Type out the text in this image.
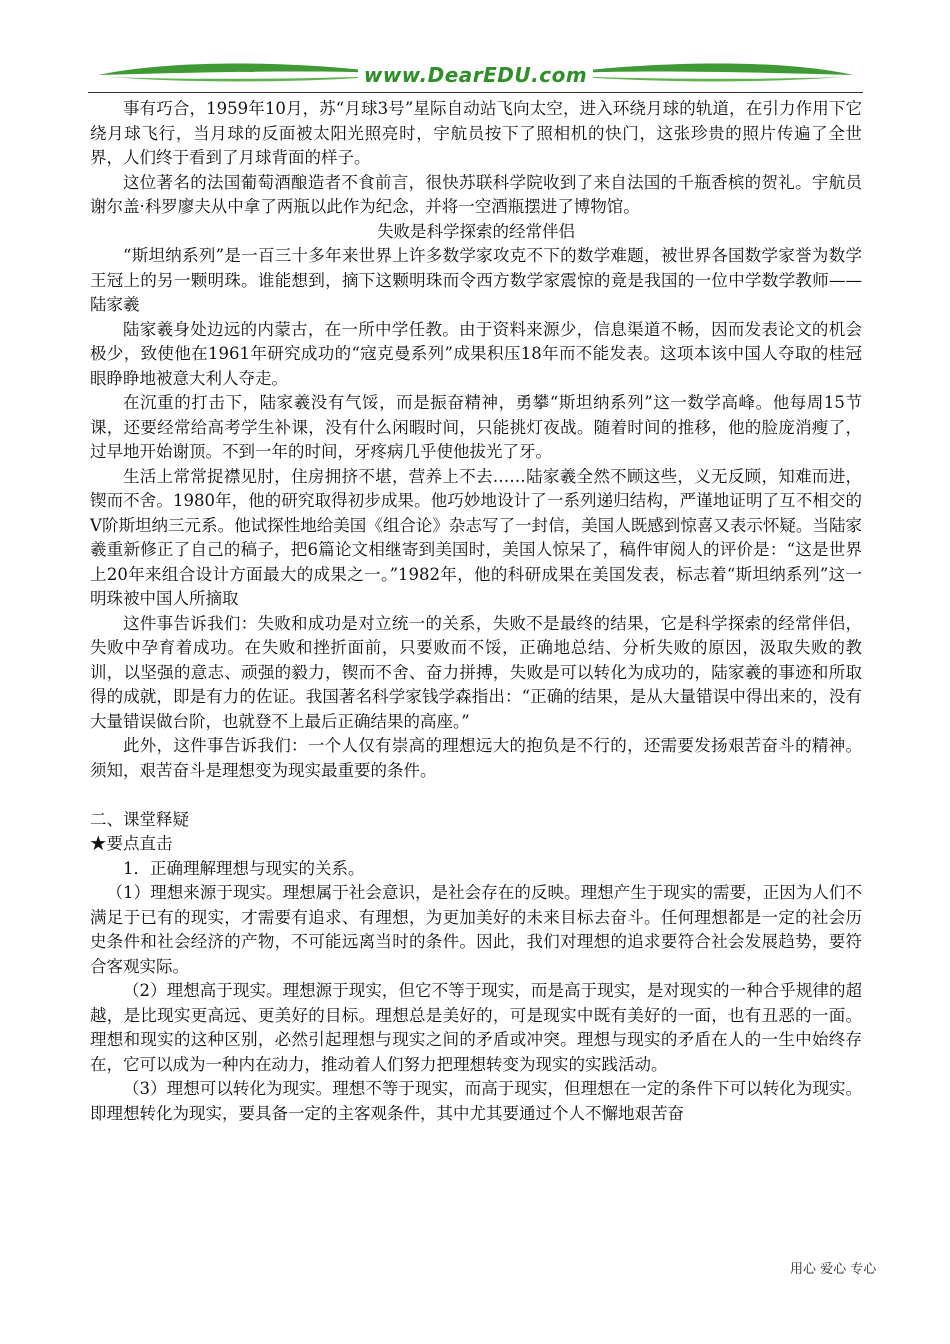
www.DearEDU.com

事有巧合，1959年10月，苏“月球3号”星际自动站飞向太空，进入环绕月球的轨道，在引力作用下它绕月球飞行，当月球的反面被太阳光照亮时，宇航员按下了照相机的快门，这张珍贵的照片传遍了全世界，人们终于看到了月球背面的样子。

这位著名的法国葡萄酒酿造者不食前言，很快苏联科学院收到了来自法国的千瓶香槟的贺礼。宇航员谢尔盖·科罗廖夫从中拿了两瓶以此作为纪念，并将一空酒瓶摆进了博物馆。

失败是科学探索的经常伴侣

“斯坦纳系列”是一百三十多年来世界上许多数学家攻克不下的数学难题，被世界各国数学家誉为数学王冠上的另一颗明珠。谁能想到，摘下这颗明珠而令西方数学家震惊的竟是我国的一位中学数学教师——陆家羲

陆家羲身处边远的内蒙古，在一所中学任教。由于资料来源少，信息渠道不畅，因而发表论文的机会极少，致使他在1961年研究成功的“寇克曼系列”成果积压18年而不能发表。这项本该中国人夺取的桂冠眼睁睁地被意大利人夺走。

在沉重的打击下，陆家羲没有气馁，而是振奋精神，勇攀“斯坦纳系列”这一数学高峰。他每周15节课，还要经常给高考学生补课，没有什么闲暇时间，只能挑灯夜战。随着时间的推移，他的脸庞消瘦了，过早地开始谢顶。不到一年的时间，牙疼病几乎使他拔光了牙。

生活上常常捉襟见肘，住房拥挤不堪，营养上不去……陆家羲全然不顾这些，义无反顾，知难而进，锲而不舍。1980年，他的研究取得初步成果。他巧妙地设计了一系列递归结构，严谨地证明了互不相交的V阶斯坦纳三元系。他试探性地给美国《组合论》杂志写了一封信，美国人既感到惊喜又表示怀疑。当陆家羲重新修正了自己的稿子，把6篇论文相继寄到美国时，美国人惊呆了，稿件审阅人的评价是：“这是世界上20年来组合设计方面最大的成果之一。”1982年，他的科研成果在美国发表，标志着“斯坦纳系列”这一明珠被中国人所摘取

这件事告诉我们：失败和成功是对立统一的关系，失败不是最终的结果，它是科学探索的经常伴侣，失败中孕育着成功。在失败和挫折面前，只要败而不馁，正确地总结、分析失败的原因，汲取失败的教训，以坚强的意志、顽强的毅力，锲而不舍、奋力拼搏，失败是可以转化为成功的，陆家羲的事迹和所取得的成就，即是有力的佐证。我国著名科学家钱学森指出：“正确的结果，是从大量错误中得出来的，没有大量错误做台阶，也就登不上最后正确结果的高座。”

此外，这件事告诉我们：一个人仅有崇高的理想远大的抱负是不行的，还需要发扬艰苦奋斗的精神。须知，艰苦奋斗是理想变为现实最重要的条件。

二、课堂释疑

★要点直击

1．正确理解理想与现实的关系。

（1）理想来源于现实。理想属于社会意识，是社会存在的反映。理想产生于现实的需要，正因为人们不满足于已有的现实，才需要有追求、有理想，为更加美好的未来目标去奋斗。任何理想都是一定的社会历史条件和社会经济的产物，不可能远离当时的条件。因此，我们对理想的追求要符合社会发展趋势，要符合客观实际。

（2）理想高于现实。理想源于现实，但它不等于现实，而是高于现实，是对现实的一种合乎规律的超越，是比现实更高远、更美好的目标。理想总是美好的，可是现实中既有美好的一面，也有丑恶的一面。理想和现实的这种区别，必然引起理想与现实之间的矛盾或冲突。理想与现实的矛盾在人的一生中始终存在，它可以成为一种内在动力，推动着人们努力把理想转变为现实的实践活动。

（3）理想可以转化为现实。理想不等于现实，而高于现实，但理想在一定的条件下可以转化为现实。即理想转化为现实，要具备一定的主客观条件，其中尤其要通过个人不懈地艰苦奋

用心 爱心 专心
